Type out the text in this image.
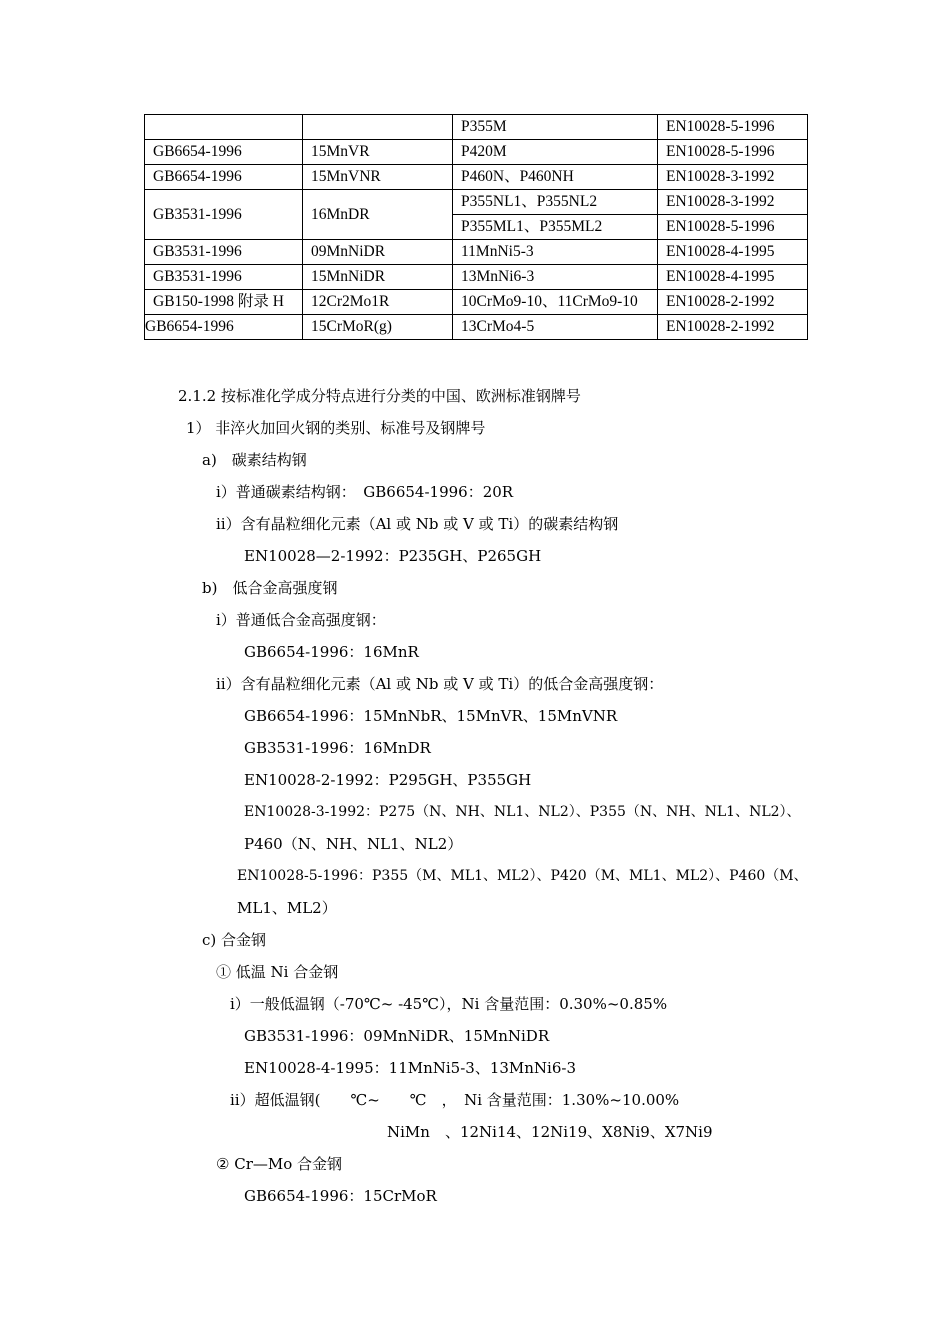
		P355M	EN10028-5-1996
GB6654-1996	15MnVR	P420M	EN10028-5-1996
GB6654-1996	15MnVNR	P460N、P460NH	EN10028-3-1992
GB3531-1996	16MnDR	P355NL1、P355NL2	EN10028-3-1992
		P355ML1、P355ML2	EN10028-5-1996
GB3531-1996	09MnNiDR	11MnNi5-3	EN10028-4-1995
GB3531-1996	15MnNiDR	13MnNi6-3	EN10028-4-1995
GB150-1998 附录 H	12Cr2Mo1R	10CrMo9-10、11CrMo9-10	EN10028-2-1992
GB6654-1996	15CrMoR(g)	13CrMo4-5	EN10028-2-1992
2.1.2 按标准化学成分特点进行分类的中国、欧洲标准钢牌号
1） 非淬火加回火钢的类别、标准号及钢牌号
a)　碳素结构钢
ⅰ）普通碳素结构钢：　GB6654-1996：20R
ⅱ）含有晶粒细化元素（Al 或 Nb 或 V 或 Ti）的碳素结构钢
EN10028—2-1992：P235GH、P265GH
b)　低合金高强度钢
ⅰ）普通低合金高强度钢：
GB6654-1996：16MnR
ⅱ）含有晶粒细化元素（Al 或 Nb 或 V 或 Ti）的低合金高强度钢：
GB6654-1996：15MnNbR、15MnVR、15MnVNR
GB3531-1996：16MnDR
EN10028-2-1992：P295GH、P355GH
EN10028-3-1992：P275（N、NH、NL1、NL2）、P355（N、NH、NL1、NL2）、
P460（N、NH、NL1、NL2）
EN10028-5-1996：P355（M、ML1、ML2）、P420（M、ML1、ML2）、P460（M、
ML1、ML2）
c) 合金钢
① 低温 Ni 合金钢
ⅰ）一般低温钢（-70℃~ -45℃），Ni 含量范围：0.30%~0.85%
GB3531-1996：09MnNiDR、15MnNiDR
EN10028-4-1995：11MnNi5-3、13MnNi6-3
ⅱ）超低温钢(　　℃~　　℃　，　Ni 含量范围：1.30%~10.00%
NiMn　、12Ni14、12Ni19、X8Ni9、X7Ni9
② Cr—Mo 合金钢
GB6654-1996：15CrMoR
